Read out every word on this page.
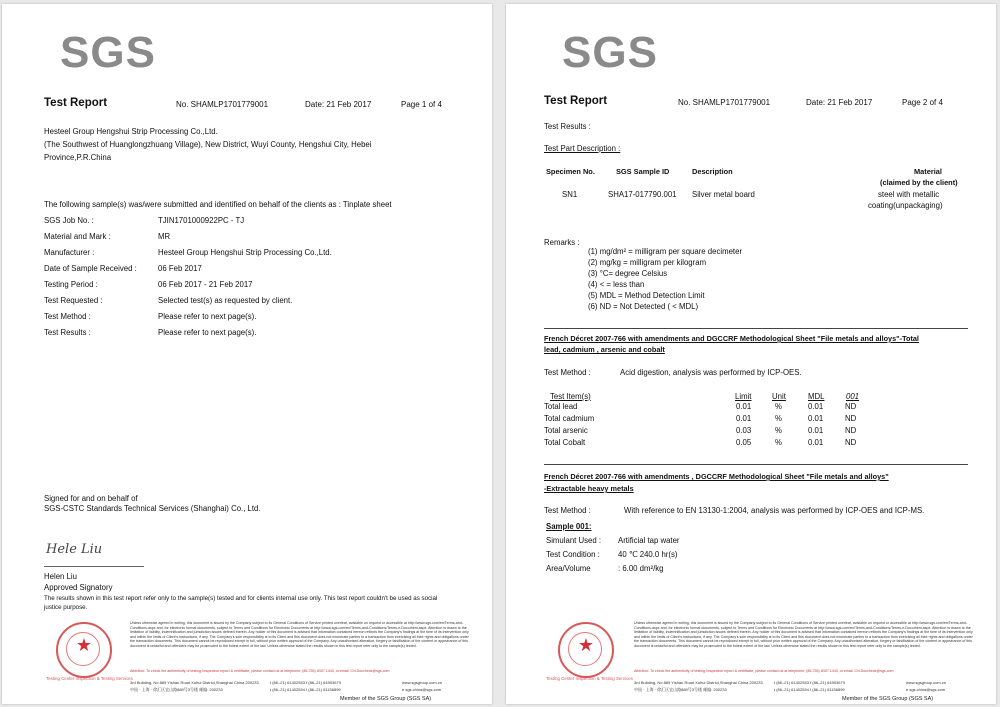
SGS
Test Report	No. SHAMLP1701779001	Date: 21 Feb 2017	Page 1 of 4
Hesteel Group Hengshui Strip Processing Co.,Ltd.
(The Southwest of Huanglongzhuang Village), New District, Wuyi County, Hengshui City, Hebei
Province,P.R.China
The following sample(s) was/were submitted and identified on behalf of the clients as : Tinplate sheet
SGS Job No. :	TJIN1701000922PC - TJ
Material and Mark :	MR
Manufacturer :	Hesteel Group Hengshui Strip Processing Co.,Ltd.
Date of Sample Received :	06 Feb 2017
Testing Period :	06 Feb 2017 - 21 Feb 2017
Test Requested :	Selected test(s) as requested by client.
Test Method :	Please refer to next page(s).
Test Results :	Please refer to next page(s).
Signed for and on behalf of
SGS-CSTC Standards Technical Services (Shanghai) Co., Ltd.
Hele Liu
Helen Liu
Approved Signatory
The results shown in this test report refer only to the sample(s) tested and for clients internal use only. This test report couldn't be used as social
justice purpose.
★
Testing Center Inspection & Testing Services
Unless otherwise agreed in writing, this document is issued by the Company subject to its General Conditions of Service printed overleaf, available on request or accessible at http://www.sgs.com/en/Terms-and-Conditions.aspx and, for electronic format documents, subject to Terms and Conditions for Electronic Documents at http://www.sgs.com/en/Terms-and-Conditions/Terms-e-Document.aspx. Attention is drawn to the limitation of liability, indemnification and jurisdiction issues defined therein. Any holder of this document is advised that information contained hereon reflects the Company's findings at the time of its intervention only and within the limits of Client's instructions, if any. The Company's sole responsibility is to its Client and this document does not exonerate parties to a transaction from exercising all their rights and obligations under the transaction documents. This document cannot be reproduced except in full, without prior written approval of the Company. Any unauthorized alteration, forgery or falsification of the content or appearance of this document is unlawful and offenders may be prosecuted to the fullest extent of the law. Unless otherwise stated the results shown in this test report refer only to the sample(s) tested.
Attention: To check the authenticity of testing /inspection report & certificate, please contact us at telephone: (86-755) 8307 1443, or email: CN.Doccheck@sgs.com
3rd Building, No.889 Yishan Road Xuhui District,Shanghai China 200233	t (86–21) 61402553 f (86–21) 64953679	www.sgsgroup.com.cn
中国 · 上海 · 徐汇区宜山路889号3号楼 邮编: 200233	t (86–21) 61402594 f (86–21) 61156899	e sgs.china@sgs.com
Member of the SGS Group (SGS SA)
SGS
Test Report	No. SHAMLP1701779001	Date: 21 Feb 2017	Page 2 of 4
Test Results :
Test Part Description :
Specimen No.	SGS Sample ID	Description	Material
(claimed by the client)
SN1	SHA17-017790.001 Silver metal board	steel with metallic
coating(unpackaging)
Remarks :
(1) mg/dm² = milligram per square decimeter
(2) mg/kg = milligram per kilogram
(3) °C= degree Celsius
(4) < = less than
(5) MDL = Method Detection Limit
(6) ND = Not Detected ( < MDL)
French Décret 2007-766 with amendments and DGCCRF Methodological Sheet "File metals and alloys"-Total
lead, cadmium , arsenic and cobalt
Test Method :	Acid digestion, analysis was performed by ICP-OES.
Test Item(s)	Limit	Unit	MDL	001
Total lead	0.01	%	0.01	ND
Total cadmium	0.01	%	0.01	ND
Total arsenic	0.03	%	0.01	ND
Total Cobalt	0.05	%	0.01	ND
French Décret 2007-766 with amendments , DGCCRF Methodological Sheet "File metals and alloys"
-Extractable heavy metals
Test Method :	With reference to EN 13130-1:2004, analysis was performed by ICP-OES and ICP-MS.
Sample 001:
Simulant Used : Artificial tap water
Test Condition : 40 ℃ 240.0 hr(s)
Area/Volume	: 6.00 dm²/kg
★
Testing Center Inspection & Testing Services
Unless otherwise agreed in writing, this document is issued by the Company subject to its General Conditions of Service printed overleaf, available on request or accessible at http://www.sgs.com/en/Terms-and-Conditions.aspx and, for electronic format documents, subject to Terms and Conditions for Electronic Documents at http://www.sgs.com/en/Terms-and-Conditions/Terms-e-Document.aspx. Attention is drawn to the limitation of liability, indemnification and jurisdiction issues defined therein. Any holder of this document is advised that information contained hereon reflects the Company's findings at the time of its intervention only and within the limits of Client's instructions, if any. The Company's sole responsibility is to its Client and this document does not exonerate parties to a transaction from exercising all their rights and obligations under the transaction documents. This document cannot be reproduced except in full, without prior written approval of the Company. Any unauthorized alteration, forgery or falsification of the content or appearance of this document is unlawful and offenders may be prosecuted to the fullest extent of the law. Unless otherwise stated the results shown in this test report refer only to the sample(s) tested.
Attention: To check the authenticity of testing /inspection report & certificate, please contact us at telephone: (86-755) 8307 1443, or email: CN.Doccheck@sgs.com
3rd Building, No.889 Yishan Road Xuhui District,Shanghai China 200233	t (86–21) 61402553 f (86–21) 64953679	www.sgsgroup.com.cn
中国 · 上海 · 徐汇区宜山路889号3号楼 邮编: 200233	t (86–21) 61402594 f (86–21) 61156899	e sgs.china@sgs.com
Member of the SGS Group (SGS SA)
